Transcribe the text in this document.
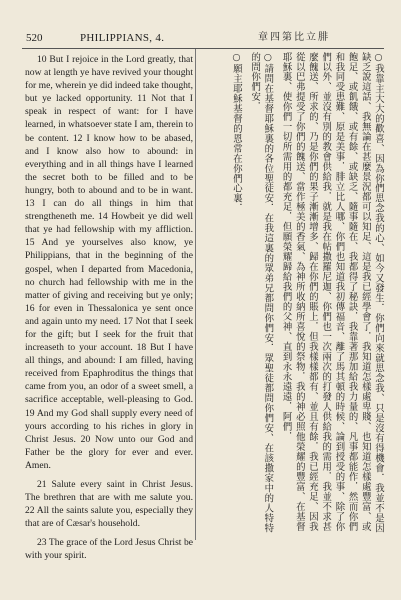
520	PHILIPPIANS, 4.	章四第比立腓

10 But I rejoice in the Lord greatly, that now at length ye have revived your thought for me, wherein ye did indeed take thought, but ye lacked opportunity. 11 Not that I speak in respect of want: for I have learned, in whatsoever state I am, therein to be content. 12 I know how to be abased, and I know also how to abound: in everything and in all things have I learned the secret both to be filled and to be hungry, both to abound and to be in want. 13 I can do all things in him that strengtheneth me. 14 Howbeit ye did well that ye had fellowship with my affliction. 15 And ye yourselves also know, ye Philippians, that in the beginning of the gospel, when I departed from Macedonia, no church had fellowship with me in the matter of giving and receiving but ye only; 16 for even in Thessalonica ye sent once and again unto my need. 17 Not that I seek for the gift; but I seek for the fruit that increaseth to your account. 18 But I have all things, and abound: I am filled, having received from Epaphroditus the things that came from you, an odor of a sweet smell, a sacrifice acceptable, well-pleasing to God. 19 And my God shall supply every need of yours according to his riches in glory in Christ Jesus. 20 Now unto our God and Father be the glory for ever and ever. Amen.

21 Salute every saint in Christ Jesus. The brethren that are with me salute you. 22 All the saints salute you, especially they that are of Cæsar's household.

23 The grace of the Lord Jesus Christ be with your spirit.

○我靠主大大的歡喜、因為你們思念我的心、如今又發生．你們向來就思念我、只是沒有得機會．我並不是因缺乏說這話、我無論在甚麼景況都可以知足、這是我已經學會了．我知道怎樣處卑賤、也知道怎樣處豐富、或飽足、或飢餓、或有餘、或缺乏、隨事隨在、我都得了秘訣．我靠著那加給我力量的、凡事都能作．然而你們和我同受患難、原是美事．腓立比人哪、你們也知道我初傳福音、離了馬其頓的時候、論到授受的事、除了你們以外、並沒有別的教會供給我．就是我在帖撒羅尼迦、你們也一次兩次的打發人供給我的需用．我並不求甚麼餽送、所求的、乃是你們的果子漸漸增多、歸在你們的賬上．但我樣樣都有、並且有餘．我已經充足、因我從以巴弗提受了你們的餽送、當作極美的香氣、為神所收納所喜悅的祭物．我的神必照他榮耀的豐富、在基督耶穌裏、使你們一切所需用的都充足．但願榮耀歸給我們的父神、直到永永遠遠．阿們．

○請問在基督耶穌裏的各位聖徒安．在我這裏的眾弟兄都問你們安．眾聖徒都問你們安、在該撒家中的人特特的問你們安．

○願主耶穌基督的恩常在你們心裏．
